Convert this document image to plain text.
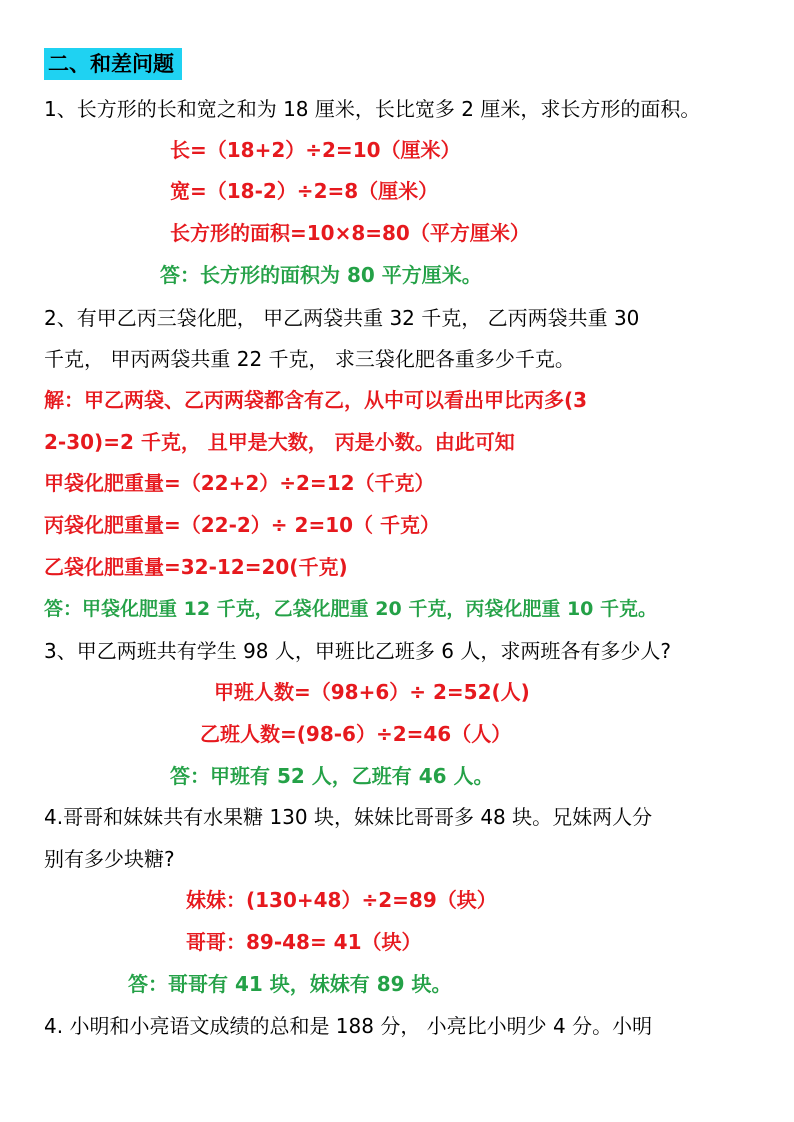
二、和差问题
1、长方形的长和宽之和为 18 厘米，长比宽多 2 厘米，求长方形的面积。
长=（18+2）÷2=10（厘米）
宽=（18-2）÷2=8（厘米）
长方形的面积=10×8=80（平方厘米）
答：长方形的面积为 80 平方厘米。
2、有甲乙丙三袋化肥， 甲乙两袋共重 32 千克， 乙丙两袋共重 30
千克， 甲丙两袋共重 22 千克， 求三袋化肥各重多少千克。
解：甲乙两袋、乙丙两袋都含有乙，从中可以看出甲比丙多(3
2-30)=2 千克， 且甲是大数， 丙是小数。由此可知
甲袋化肥重量=（22+2）÷2=12（千克）
丙袋化肥重量=（22-2）÷ 2=10（ 千克）
乙袋化肥重量=32-12=20(千克)
答：甲袋化肥重 12 千克，乙袋化肥重 20 千克，丙袋化肥重 10 千克。
3、甲乙两班共有学生 98 人，甲班比乙班多 6 人，求两班各有多少人?
甲班人数=（98+6）÷ 2=52(人)
乙班人数=(98-6）÷2=46（人）
答：甲班有 52 人，乙班有 46 人。
4.哥哥和妹妹共有水果糖 130 块，妹妹比哥哥多 48 块。兄妹两人分
别有多少块糖?
妹妹：(130+48）÷2=89（块）
哥哥：89-48= 41（块）
答：哥哥有 41 块，妹妹有 89 块。
4. 小明和小亮语文成绩的总和是 188 分， 小亮比小明少 4 分。小明
